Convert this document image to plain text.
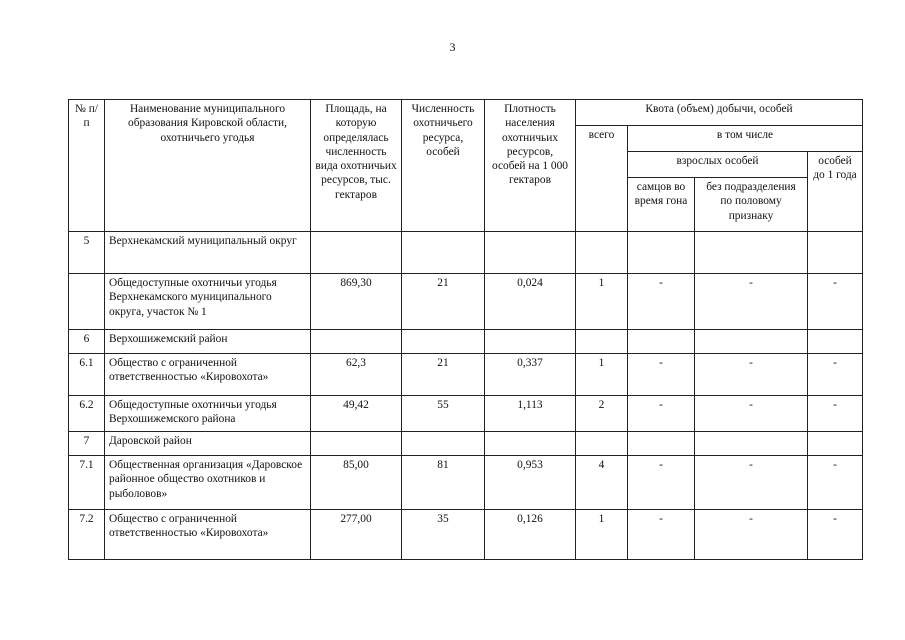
3
№ п/п	Наименование муниципального образования Кировской области, охотничьего угодья	Площадь, на которую определялась численность вида охотничьих ресурсов, тыс. гектаров	Численность охотничьего ресурса, особей	Плотность населения охотничьих ресурсов, особей на 1 000 гектаров	Квота (объем) добычи, особей			
					всего	в том числе		
						взрослых особей		особей до 1 года
						самцов во время гона	без подразделения по половому признаку	
5	Верхнекамский муниципальный округ							
	Общедоступные охотничьи угодья Верхнекамского муниципального округа, участок № 1	869,30	21	0,024	1	-	-	-
6	Верхошижемский район							
6.1	Общество с ограниченной ответственностью «Кировохота»	62,3	21	0,337	1	-	-	-
6.2	Общедоступные охотничьи угодья Верхошижемского района	49,42	55	1,113	2	-	-	-
7	Даровской район							
7.1	Общественная организация «Даровское районное общество охотников и рыболовов»	85,00	81	0,953	4	-	-	-
7.2	Общество с ограниченной ответственностью «Кировохота»	277,00	35	0,126	1	-	-	-
